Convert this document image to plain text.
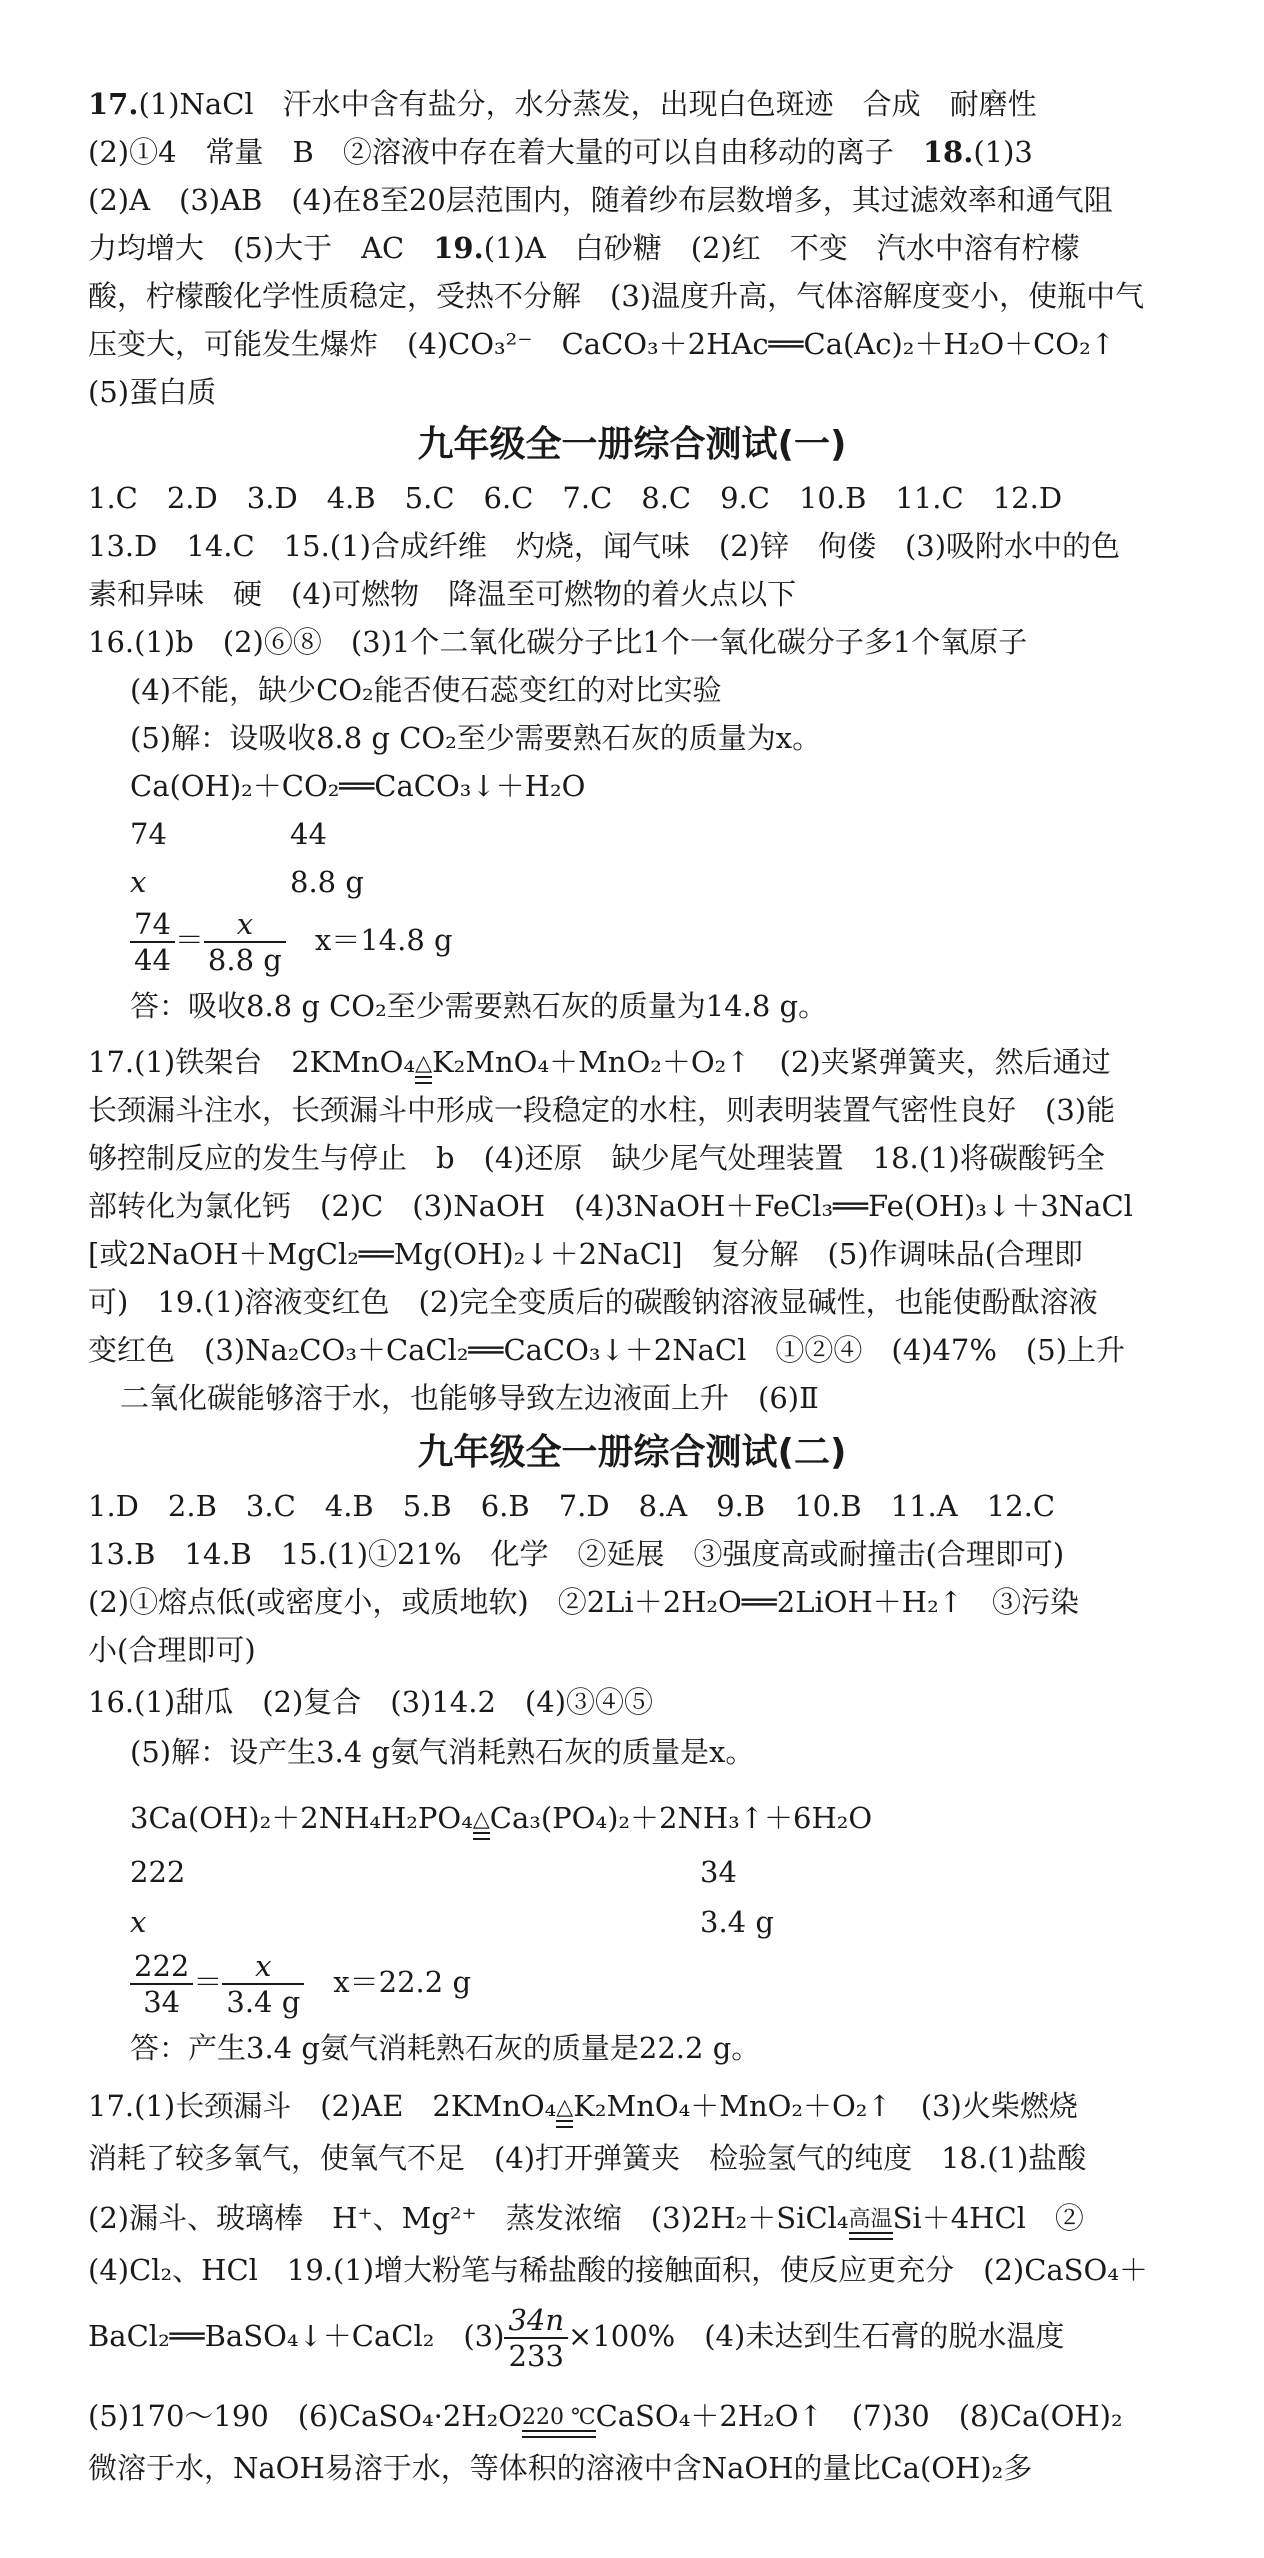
17.(1)NaCl　汗水中含有盐分，水分蒸发，出现白色斑迹　合成　耐磨性
(2)①4　常量　B　②溶液中存在着大量的可以自由移动的离子　 18.(1)3
(2)A　(3)AB　(4)在8至20层范围内，随着纱布层数增多，其过滤效率和通气阻
力均增大　(5)大于　AC　 19.(1)A　白砂糖　(2)红　不变　汽水中溶有柠檬
酸，柠檬酸化学性质稳定，受热不分解　(3)温度升高，气体溶解度变小，使瓶中气
压变大，可能发生爆炸　(4)CO₃²⁻　CaCO₃＋2HAc══Ca(Ac)₂＋H₂O＋CO₂↑
(5)蛋白质
九年级全一册综合测试(一)
1.C　2.D　3.D　4.B　5.C　6.C　7.C　8.C　9.C　10.B　11.C　12.D
13.D　14.C　15.(1)合成纤维　灼烧，闻气味　(2)锌　佝偻　(3)吸附水中的色
素和异味　硬　(4)可燃物　降温至可燃物的着火点以下
16.(1)b　(2)⑥⑧　(3)1个二氧化碳分子比1个一氧化碳分子多1个氧原子
(4)不能，缺少CO₂能否使石蕊变红的对比实验
(5)解：设吸收8.8 g CO₂至少需要熟石灰的质量为x。
Ca(OH)₂＋CO₂══CaCO₃↓＋H₂O
74	44
x	8.8 g
$\frac{74}{44} = \frac{x}{8.8 g}$
　 x＝14.8 g
答：吸收8.8 g CO₂至少需要熟石灰的质量为14.8 g。
17.(1)铁架台　2KMnO₄ △ K₂MnO₄＋MnO₂＋O₂↑　(2)夹紧弹簧夹，然后通过
长颈漏斗注水，长颈漏斗中形成一段稳定的水柱，则表明装置气密性良好　(3)能
够控制反应的发生与停止　b　(4)还原　缺少尾气处理装置　18.(1)将碳酸钙全
部转化为氯化钙　(2)C　(3)NaOH　(4)3NaOH＋FeCl₃══Fe(OH)₃↓＋3NaCl
[或2NaOH＋MgCl₂══Mg(OH)₂↓＋2NaCl]　复分解　(5)作调味品(合理即
可)　19.(1)溶液变红色　(2)完全变质后的碳酸钠溶液显碱性，也能使酚酞溶液
变红色　(3)Na₂CO₃＋CaCl₂══CaCO₃↓＋2NaCl　①②④　(4)47%　(5)上升
二氧化碳能够溶于水，也能够导致左边液面上升　(6)Ⅱ
九年级全一册综合测试(二)
1.D　2.B　3.C　4.B　5.B　6.B　7.D　8.A　9.B　10.B　11.A　12.C
13.B　14.B　15.(1)①21%　化学　②延展　③强度高或耐撞击(合理即可)
(2)①熔点低(或密度小，或质地软)　②2Li＋2H₂O══2LiOH＋H₂↑　③污染
小(合理即可)
16.(1)甜瓜　(2)复合　(3)14.2　(4)③④⑤
(5)解：设产生3.4 g氨气消耗熟石灰的质量是x。
3Ca(OH)₂＋2NH₄H₂PO₄ △ Ca₃(PO₄)₂＋2NH₃↑＋6H₂O
222	34
x	3.4 g
$\frac{222}{34} = \frac{x}{3.4 g}$
　 x＝22.2 g
答：产生3.4 g氨气消耗熟石灰的质量是22.2 g。
17.(1)长颈漏斗　(2)AE　2KMnO₄ △ K₂MnO₄＋MnO₂＋O₂↑　(3)火柴燃烧
消耗了较多氧气，使氧气不足　(4)打开弹簧夹　检验氢气的纯度　18.(1)盐酸
(2)漏斗、玻璃棒　H⁺、Mg²⁺　蒸发浓缩　(3)2H₂＋SiCl₄ 高温 Si＋4HCl　②
(4)Cl₂、HCl　19.(1)增大粉笔与稀盐酸的接触面积，使反应更充分　(2)CaSO₄＋
BaCl₂══BaSO₄↓＋CaCl₂　$(3) \frac{34n}{233} \times 100\%$　(4)未达到生石膏的脱水温度
(5)170～190　(6)CaSO₄·2H₂O 220 ℃ CaSO₄＋2H₂O↑　(7)30　(8)Ca(OH)₂
微溶于水，NaOH易溶于水，等体积的溶液中含NaOH的量比Ca(OH)₂多
